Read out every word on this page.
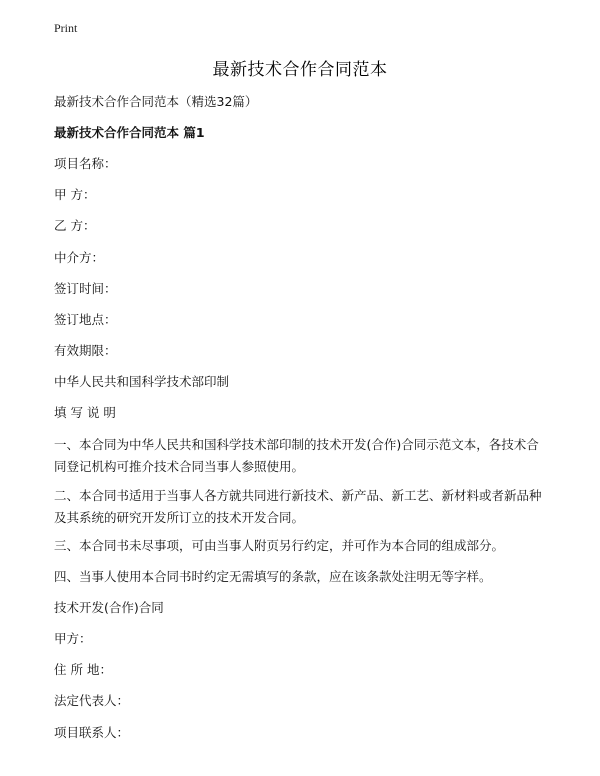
Print
最新技术合作合同范本
最新技术合作合同范本（精选32篇）
最新技术合作合同范本 篇1
项目名称：
甲 方：
乙 方：
中介方：
签订时间：
签订地点：
有效期限：
中华人民共和国科学技术部印制
填 写 说 明
一、本合同为中华人民共和国科学技术部印制的技术开发(合作)合同示范文本，各技术合同登记机构可推介技术合同当事人参照使用。
二、本合同书适用于当事人各方就共同进行新技术、新产品、新工艺、新材料或者新品种及其系统的研究开发所订立的技术开发合同。
三、本合同书未尽事项，可由当事人附页另行约定，并可作为本合同的组成部分。
四、当事人使用本合同书时约定无需填写的条款，应在该条款处注明无等字样。
技术开发(合作)合同
甲方：
住 所 地：
法定代表人：
项目联系人：
